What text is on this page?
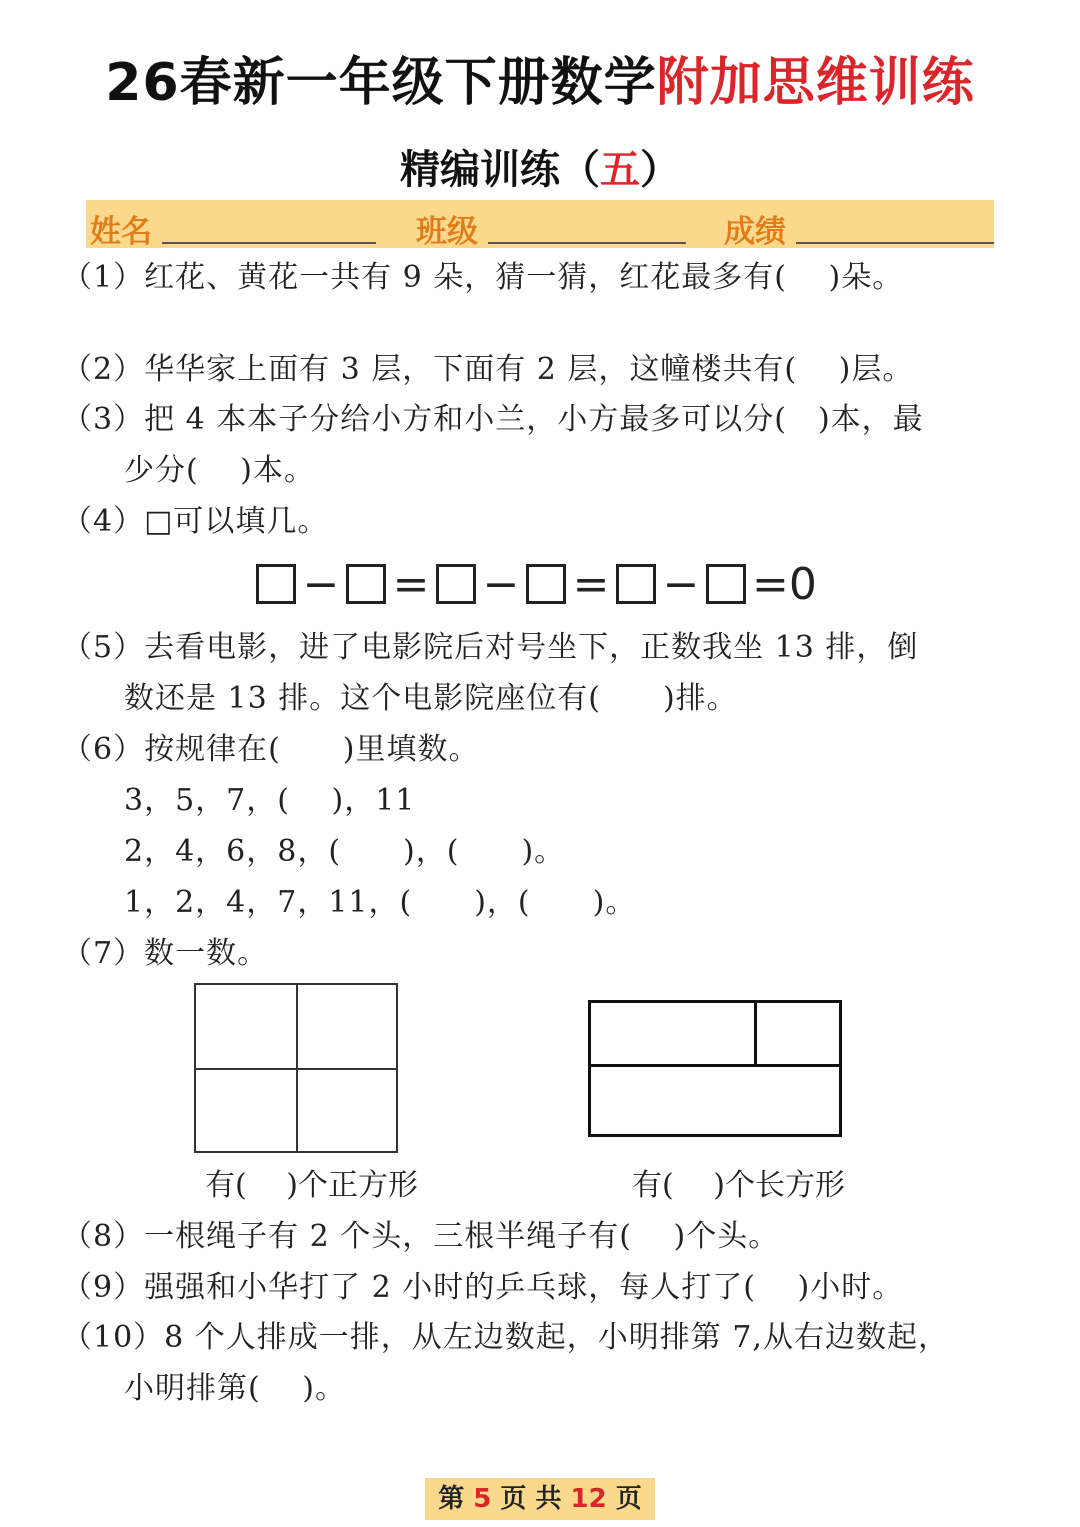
26春新一年级下册数学附加思维训练
精编训练（五）
姓名	班级	成绩
（1）红花、黄花一共有 9 朵，猜一猜，红花最多有(　 )朵。
（2）华华家上面有 3 层，下面有 2 层，这幢楼共有(　 )层。
（3）把 4 本本子分给小方和小兰，小方最多可以分(　)本，最
少分(　 )本。
（4）□可以填几。
− = − = − =0
（5）去看电影，进了电影院后对号坐下，正数我坐 13 排，倒
数还是 13 排。这个电影院座位有(　　)排。
（6）按规律在(　　)里填数。
3，5，7，(　 )，11
2，4，6，8，(　　)，(　　)。
1，2，4，7，11，(　　)，(　　)。
（7）数一数。
有(　 )个正方形	有(　 )个长方形
（8）一根绳子有 2 个头，三根半绳子有(　 )个头。
（9）强强和小华打了 2 小时的乒乓球，每人打了(　 )小时。
（10）8 个人排成一排，从左边数起，小明排第 7,从右边数起，
小明排第(　 )。
第 5 页 共 12 页
